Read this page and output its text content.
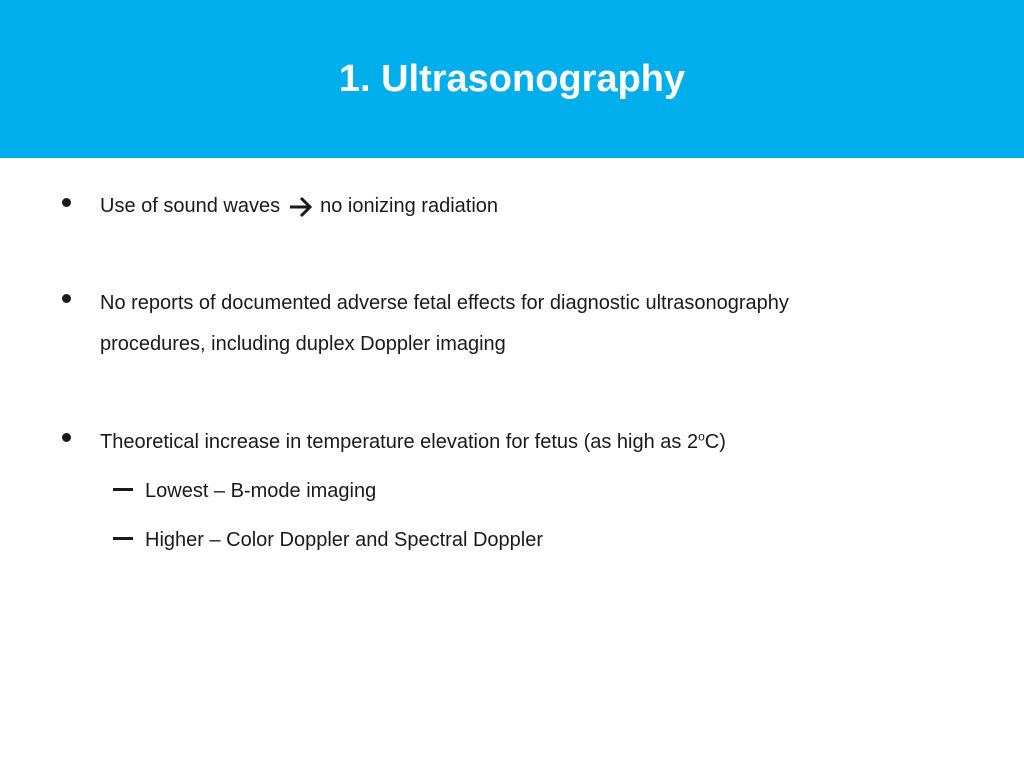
1. Ultrasonography
Use of sound waves no ionizing radiation
No reports of documented adverse fetal effects for diagnostic ultrasonography
procedures, including duplex Doppler imaging
Theoretical increase in temperature elevation for fetus (as high as 2$^o$C)
Lowest – B-mode imaging
Higher – Color Doppler and Spectral Doppler
